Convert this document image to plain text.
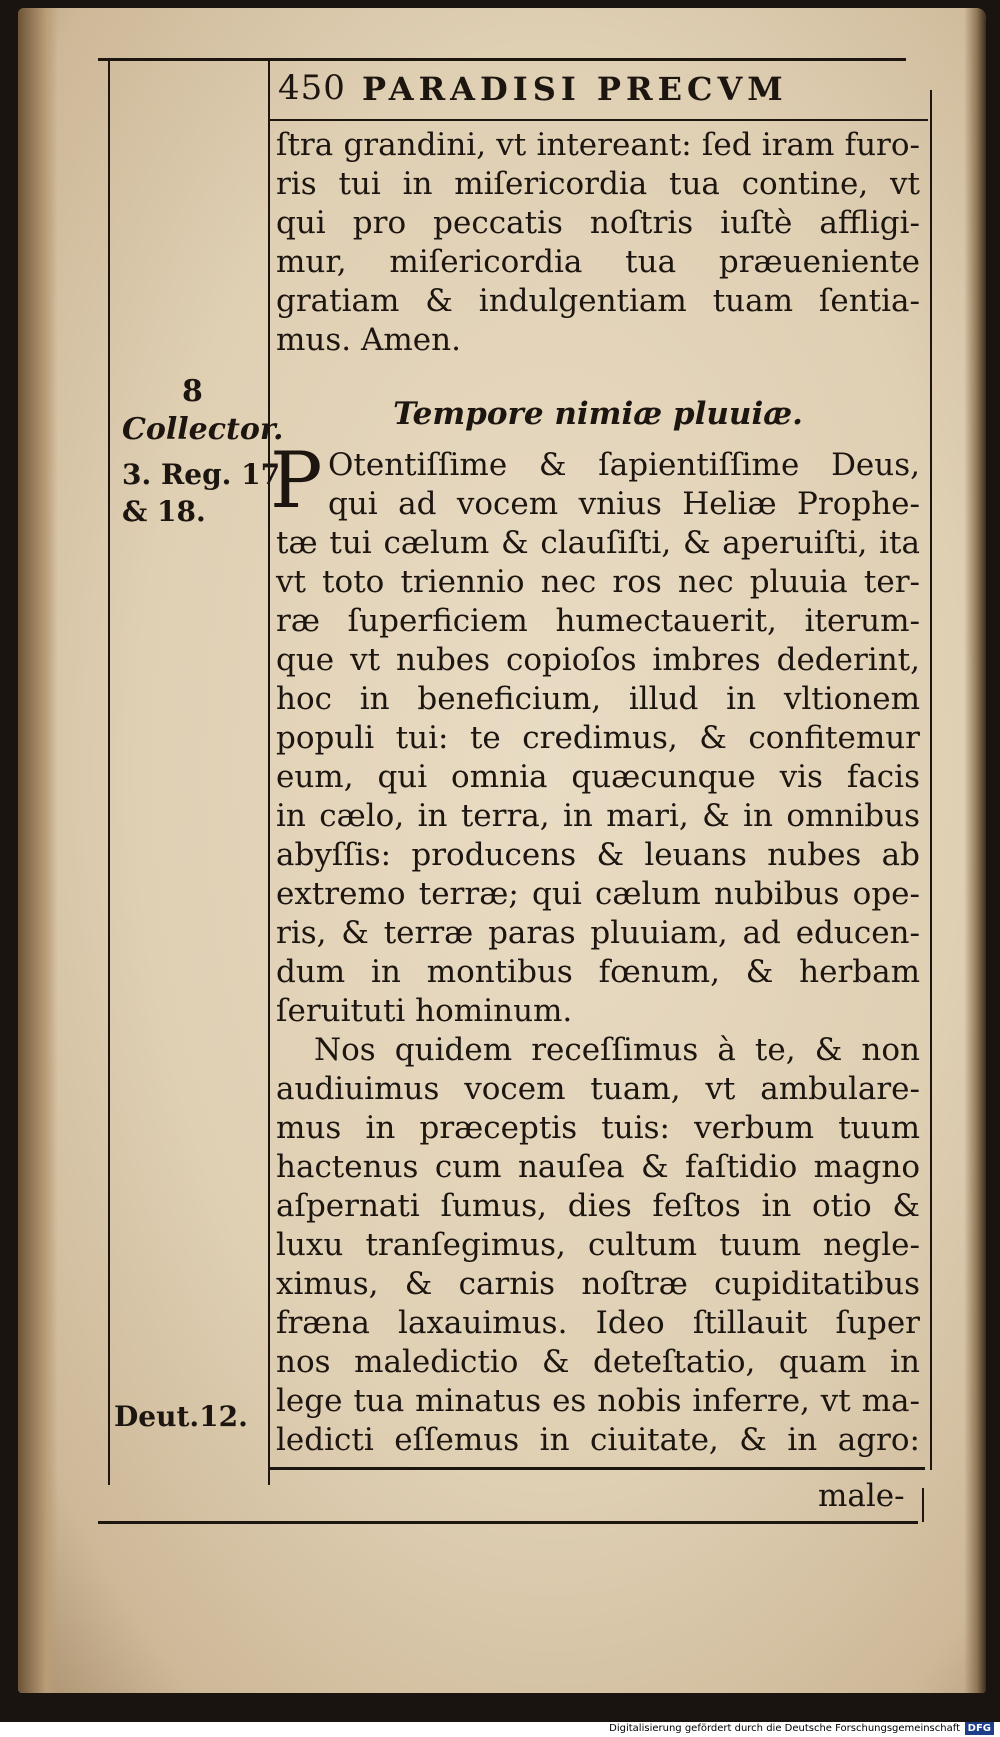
450 PARADISI PRECVM
8
Collector.
3. Reg. 17.
& 18.
Deut.12.
ſtra grandini, vt intereant: ſed iram furo-
ris tui in miſericordia tua contine, vt
qui pro peccatis noſtris iuſtè affligi-
mur, miſericordia tua præueniente
gratiam & indulgentiam tuam ſentia-
mus. Amen.
Tempore nimiæ pluuiæ.
P Otentiſſime & ſapientiſſime Deus,
qui ad vocem vnius Heliæ Prophe-
tæ tui cælum & clauſiſti, & aperuiſti, ita
vt toto triennio nec ros nec pluuia ter-
ræ ſuperficiem humectauerit, iterum-
que vt nubes copioſos imbres dederint,
hoc in beneficium, illud in vltionem
populi tui: te credimus, & confitemur
eum, qui omnia quæcunque vis facis
in cælo, in terra, in mari, & in omnibus
abyſſis: producens & leuans nubes ab
extremo terræ; qui cælum nubibus ope-
ris, & terræ paras pluuiam, ad educen-
dum in montibus fœnum, & herbam
ſeruituti hominum.
Nos quidem receſſimus à te, & non
audiuimus vocem tuam, vt ambulare-
mus in præceptis tuis: verbum tuum
hactenus cum nauſea & faſtidio magno
aſpernati ſumus, dies feſtos in otio &
luxu tranſegimus, cultum tuum negle-
ximus, & carnis noſtræ cupiditatibus
fræna laxauimus. Ideo ſtillauit ſuper
nos maledictio & deteſtatio, quam in
lege tua minatus es nobis inferre, vt ma-
ledicti eſſemus in ciuitate, & in agro:
male-
Digitalisierung gefördert durch die Deutsche Forschungsgemeinschaft DFG
